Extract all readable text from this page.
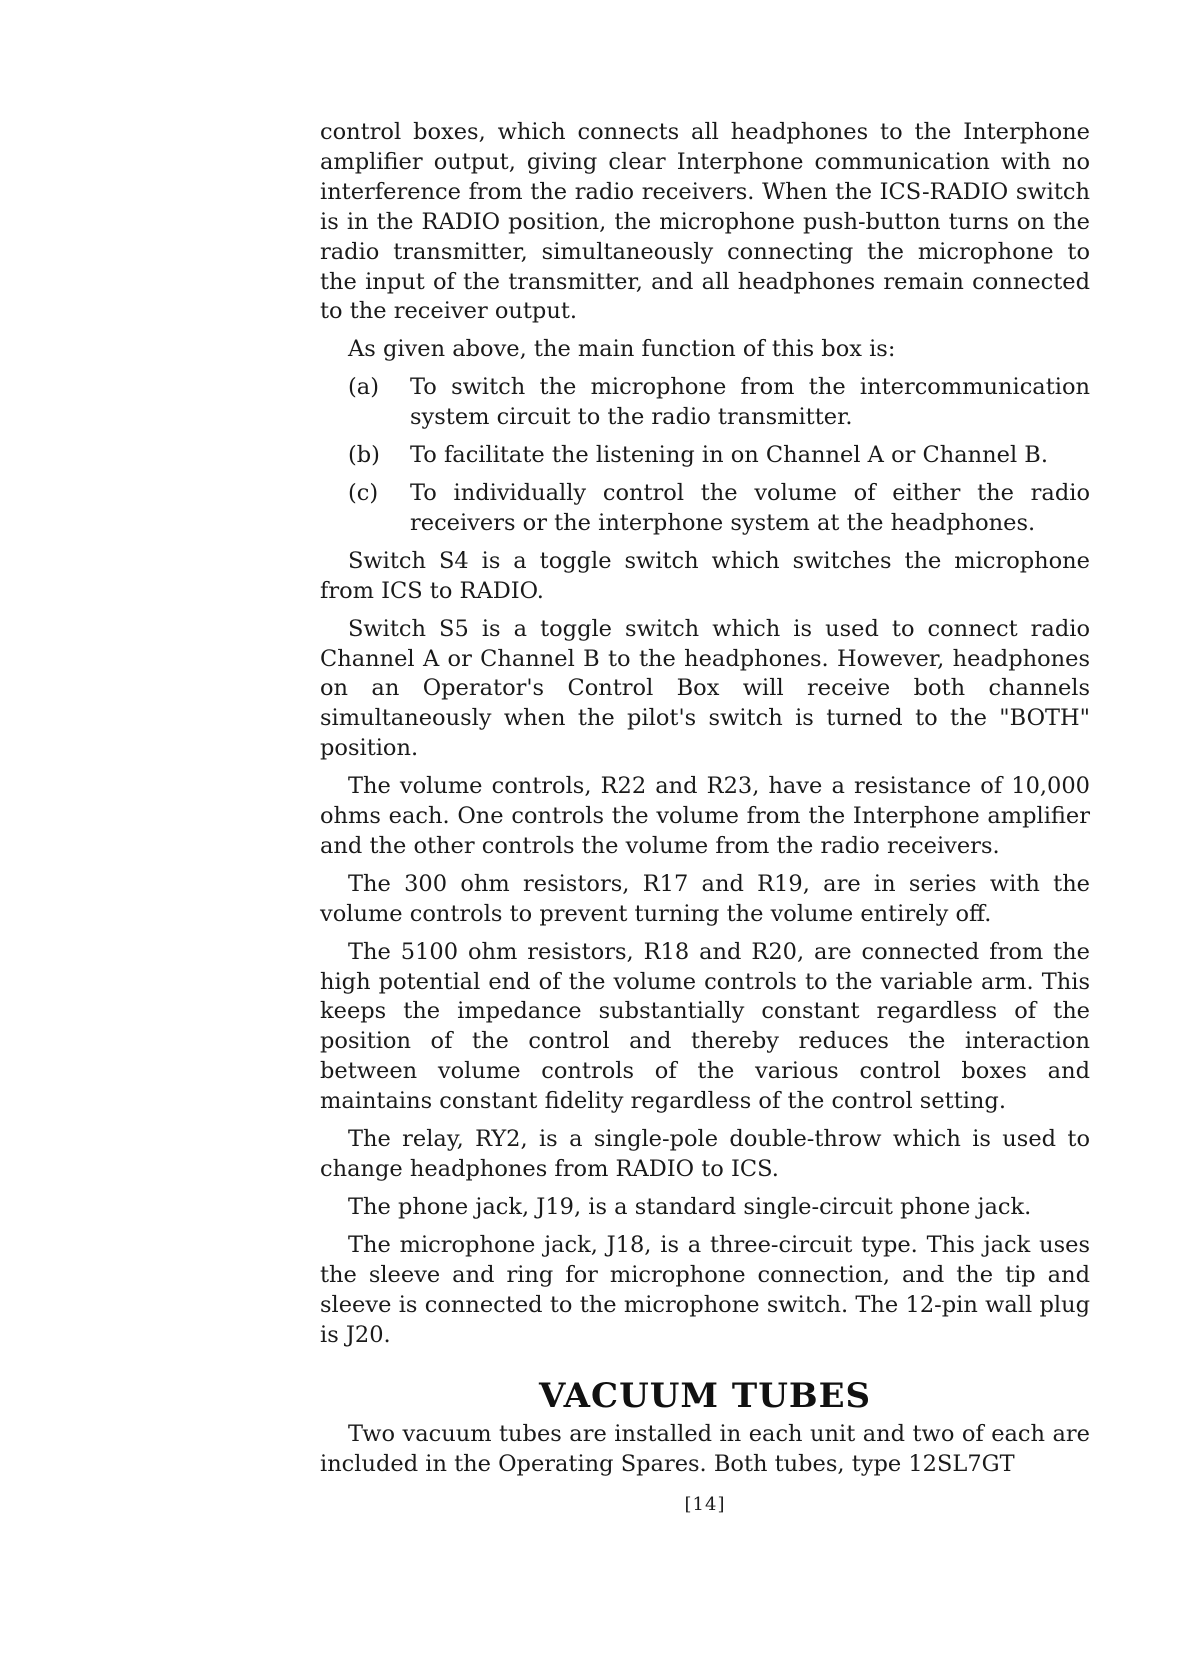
control boxes, which connects all headphones to the Interphone amplifier output, giving clear Interphone communication with no interference from the radio receivers. When the ICS-RADIO switch is in the RADIO position, the microphone push-button turns on the radio transmitter, simultaneously connecting the microphone to the input of the transmitter, and all headphones remain connected to the receiver output.

As given above, the main function of this box is:

(a) To switch the microphone from the intercommunication system circuit to the radio transmitter.
(b) To facilitate the listening in on Channel A or Channel B.
(c) To individually control the volume of either the radio receivers or the interphone system at the headphones.

Switch S4 is a toggle switch which switches the microphone from ICS to RADIO.

Switch S5 is a toggle switch which is used to connect radio Channel A or Channel B to the headphones. However, headphones on an Operator's Control Box will receive both channels simultaneously when the pilot's switch is turned to the "BOTH" position.

The volume controls, R22 and R23, have a resistance of 10,000 ohms each. One controls the volume from the Interphone amplifier and the other controls the volume from the radio receivers.

The 300 ohm resistors, R17 and R19, are in series with the volume controls to prevent turning the volume entirely off.

The 5100 ohm resistors, R18 and R20, are connected from the high potential end of the volume controls to the variable arm. This keeps the impedance substantially constant regardless of the position of the control and thereby reduces the interaction between volume controls of the various control boxes and maintains constant fidelity regardless of the control setting.

The relay, RY2, is a single-pole double-throw which is used to change headphones from RADIO to ICS.

The phone jack, J19, is a standard single-circuit phone jack.

The microphone jack, J18, is a three-circuit type. This jack uses the sleeve and ring for microphone connection, and the tip and sleeve is connected to the microphone switch. The 12-pin wall plug is J20.

VACUUM TUBES

Two vacuum tubes are installed in each unit and two of each are included in the Operating Spares. Both tubes, type 12SL7GT

[14]
